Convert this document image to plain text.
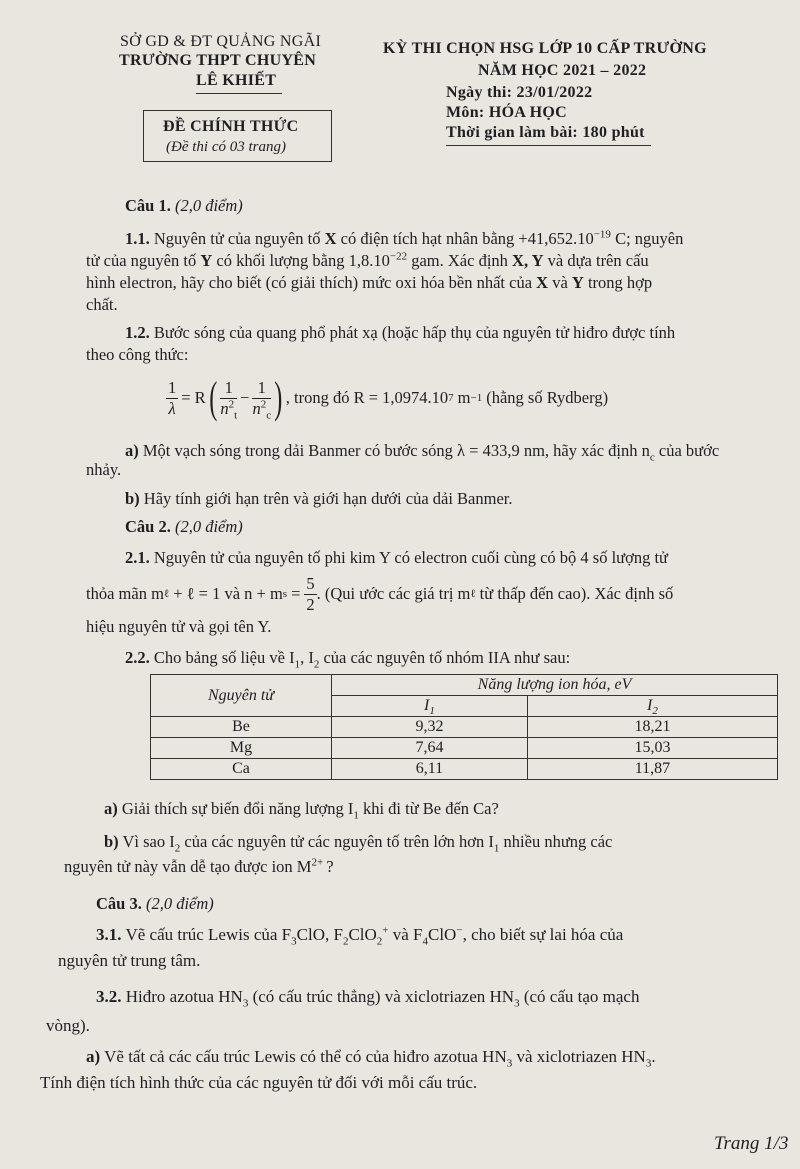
SỞ GD & ĐT QUẢNG NGÃI
TRƯỜNG THPT CHUYÊN
LÊ KHIẾT
KỲ THI CHỌN HSG LỚP 10 CẤP TRƯỜNG
NĂM HỌC 2021 – 2022
Ngày thi: 23/01/2022
Môn: HÓA HỌC
Thời gian làm bài: 180 phút
ĐỀ CHÍNH THỨC
(Đề thi có 03 trang)
Câu 1. (2,0 điểm)
1.1. Nguyên tử của nguyên tố X có điện tích hạt nhân bằng $+41,652.10^{-19}$ C; nguyên
tử của nguyên tố Y có khối lượng bằng $1,8.10^{-22}$ gam. Xác định X, Y và dựa trên cấu
hình electron, hãy cho biết (có giải thích) mức oxi hóa bền nhất của X và Y trong hợp
chất.
1.2. Bước sóng của quang phổ phát xạ (hoặc hấp thụ của nguyên tử hiđro được tính
theo công thức:
$\frac{1}{\lambda} = R$ ( $\frac{1}{n^2_t} - \frac{1}{n^2_c}$ ) , trong đó R = 1,0974.10 7 m −1 (hằng số Rydberg)
a) Một vạch sóng trong dải Banmer có bước sóng λ = 433,9 nm, hãy xác định $n_c$ của bước
nhảy.
b) Hãy tính giới hạn trên và giới hạn dưới của dải Banmer.
Câu 2. (2,0 điểm)
2.1. Nguyên tử của nguyên tố phi kim Y có electron cuối cùng có bộ 4 số lượng tử
thỏa mãn m ℓ + ℓ = 1 và n + m $s = \frac{5}{2}$ . (Qui ước các giá trị m ℓ từ thấp đến cao). Xác định số
hiệu nguyên tử và gọi tên Y.
2.2. Cho bảng số liệu về $I_1$, $I_2$ của các nguyên tố nhóm IIA như sau:
Nguyên tử	Năng lượng ion hóa, eV	
	$I_1$	$I_2$
Be	9,32	18,21
Mg	7,64	15,03
Ca	6,11	11,87
a) Giải thích sự biến đổi năng lượng $I_1$ khi đi từ Be đến Ca?
b) Vì sao $I_2$ của các nguyên tử các nguyên tố trên lớn hơn $I_1$ nhiều nhưng các
nguyên tử này vẫn dễ tạo được ion $M^{2+}$ ?
Câu 3. (2,0 điểm)
3.1. Vẽ cấu trúc Lewis của $F_3ClO$, $F_2ClO_2^+$ và $F_4ClO^-$, cho biết sự lai hóa của
nguyên tử trung tâm.
3.2. Hiđro azotua $HN_3$ (có cấu trúc thẳng) và xiclotriazen $HN_3$ (có cấu tạo mạch
vòng).
a) Vẽ tất cả các cấu trúc Lewis có thể có của hiđro azotua $HN_3$ và xiclotriazen $HN_3$.
Tính điện tích hình thức của các nguyên tử đối với mỗi cấu trúc.
Trang 1/3
